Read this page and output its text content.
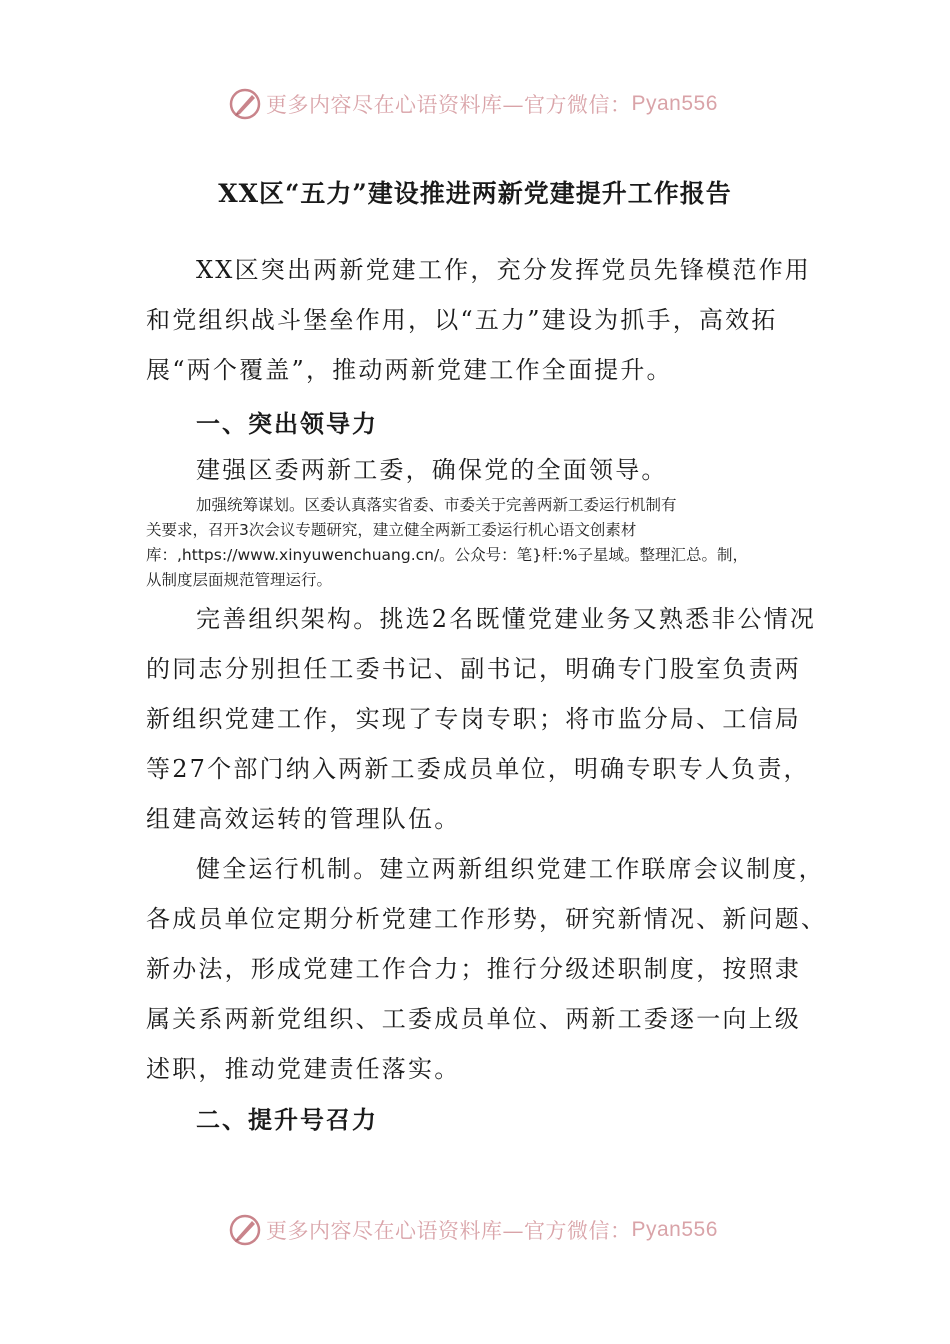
更多内容尽在心语资料库—官方微信： Pyan556
XX区“五力”建设推进两新党建提升工作报告
XX区突出两新党建工作，充分发挥党员先锋模范作用
和党组织战斗堡垒作用，以“五力”建设为抓手，高效拓
展“两个覆盖”，推动两新党建工作全面提升。
一、突出领导力
建强区委两新工委，确保党的全面领导。
加强统筹谋划。区委认真落实省委、市委关于完善两新工委运行机制有
关要求，召开3次会议专题研究，建立健全两新工委运行机心语文创素材
库：,https://www.xinyuwenchuang.cn/。公众号：笔}杆:%子星域。整理汇总。制，
从制度层面规范管理运行。
完善组织架构。挑选2名既懂党建业务又熟悉非公情况
的同志分别担任工委书记、副书记，明确专门股室负责两
新组织党建工作，实现了专岗专职；将市监分局、工信局
等27个部门纳入两新工委成员单位，明确专职专人负责，
组建高效运转的管理队伍。
健全运行机制。建立两新组织党建工作联席会议制度，
各成员单位定期分析党建工作形势，研究新情况、新问题、
新办法，形成党建工作合力；推行分级述职制度，按照隶
属关系两新党组织、工委成员单位、两新工委逐一向上级
述职，推动党建责任落实。
二、提升号召力
更多内容尽在心语资料库—官方微信： Pyan556
